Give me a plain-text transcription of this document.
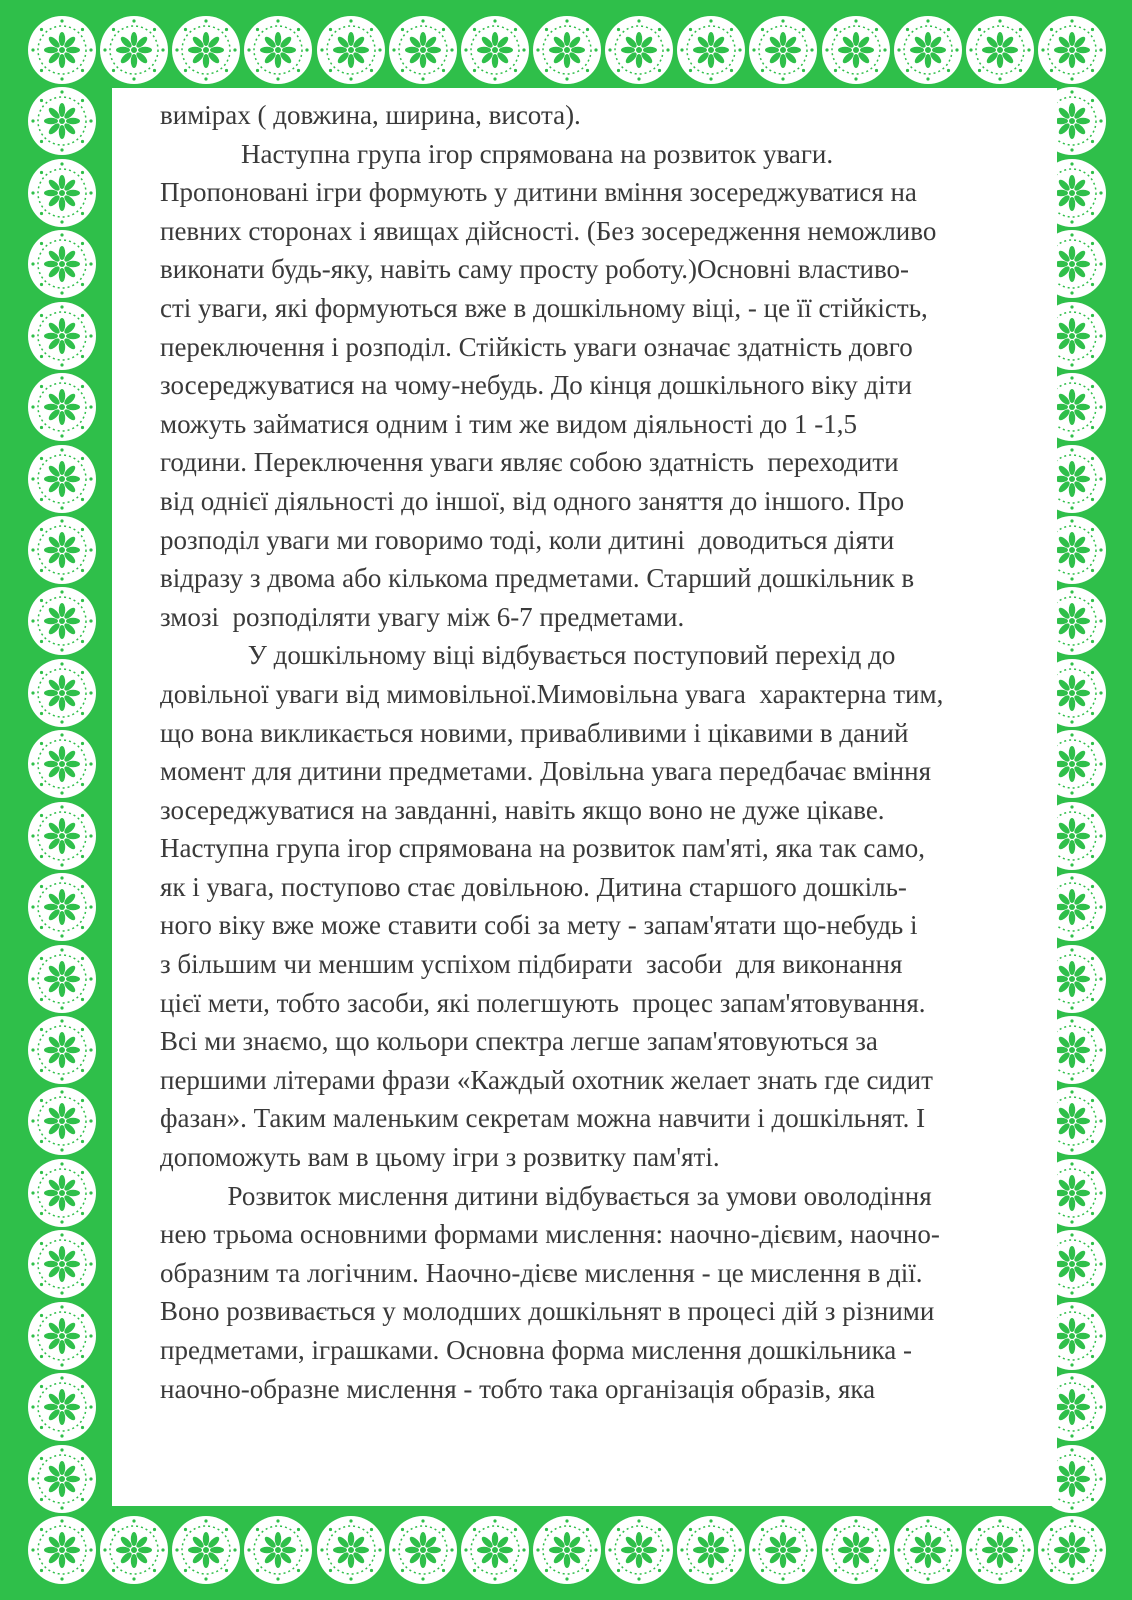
вимірах ( довжина, ширина, висота).
Наступна група ігор спрямована на розвиток уваги.
Пропоновані ігри формують у дитини вміння зосереджуватися на
певних сторонах і явищах дійсності. (Без зосередження неможливо
виконати будь-яку, навіть саму просту роботу.)Основні властиво-
сті уваги, які формуються вже в дошкільному віці, - це її стійкість,
переключення і розподіл. Стійкість уваги означає здатність довго
зосереджуватися на чому-небудь. До кінця дошкільного віку діти
можуть займатися одним і тим же видом діяльності до 1 -1,5
години. Переключення уваги являє собою здатність  переходити
від однієї діяльності до іншої, від одного заняття до іншого. Про
розподіл уваги ми говоримо тоді, коли дитині  доводиться діяти
відразу з двома або кількома предметами. Старший дошкільник в
змозі  розподіляти увагу між 6-7 предметами.
У дошкільному віці відбувається поступовий перехід до
довільної уваги від мимовільної.Мимовільна увага  характерна тим,
що вона викликається новими, привабливими і цікавими в даний
момент для дитини предметами. Довільна увага передбачає вміння
зосереджуватися на завданні, навіть якщо воно не дуже цікаве.
Наступна група ігор спрямована на розвиток пам'яті, яка так само,
як і увага, поступово стає довільною. Дитина старшого дошкіль-
ного віку вже може ставити собі за мету - запам'ятати що-небудь і
з більшим чи меншим успіхом підбирати  засоби  для виконання
цієї мети, тобто засоби, які полегшують  процес запам'ятовування.
Всі ми знаємо, що кольори спектра легше запам'ятовуються за
першими літерами фрази «Каждый охотник желает знать где сидит
фазан». Таким маленьким секретам можна навчити і дошкільнят. І
допоможуть вам в цьому ігри з розвитку пам'яті.
Розвиток мислення дитини відбувається за умови оволодіння
нею трьома основними формами мислення: наочно-дієвим, наочно-
образним та логічним. Наочно-дієве мислення - це мислення в дії.
Воно розвивається у молодших дошкільнят в процесі дій з різними
предметами, іграшками. Основна форма мислення дошкільника -
наочно-образне мислення - тобто така організація образів, яка
